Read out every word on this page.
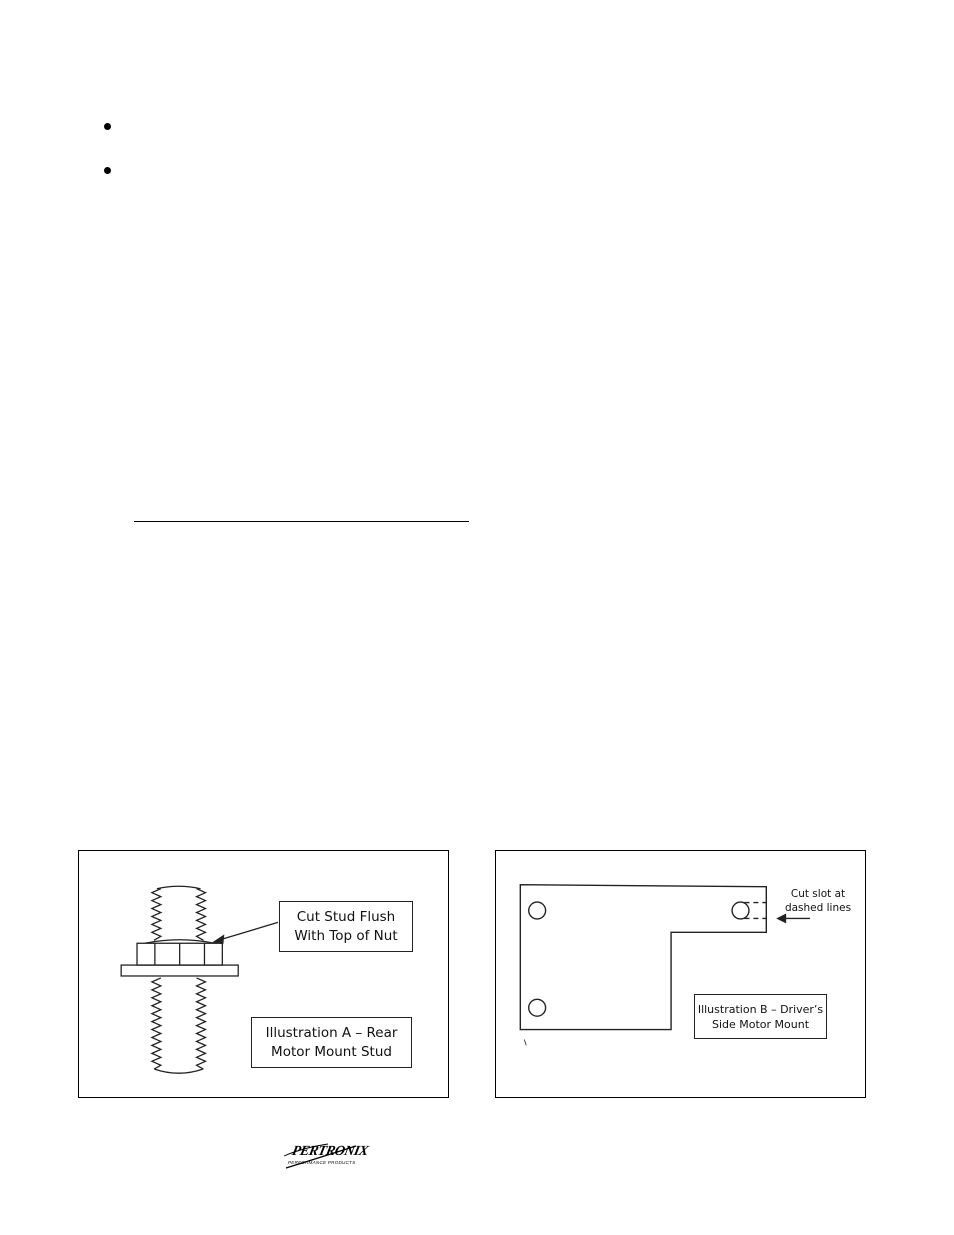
Cut Stud Flush
With Top of Nut
Illustration A – Rear
Motor Mount Stud
Cut slot at
dashed lines
Illustration B – Driver’s
Side Motor Mount
PERTRONIX
PERFORMANCE PRODUCTS
